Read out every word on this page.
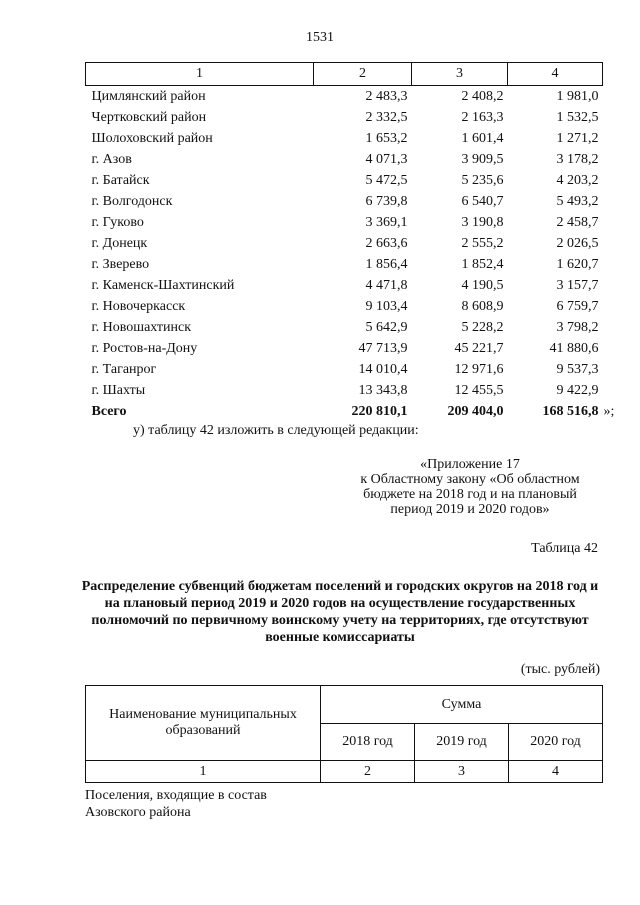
1531
1	2	3	4
Цимлянский район	2 483,3	2 408,2	1 981,0
Чертковский район	2 332,5	2 163,3	1 532,5
Шолоховский район	1 653,2	1 601,4	1 271,2
г. Азов	4 071,3	3 909,5	3 178,2
г. Батайск	5 472,5	5 235,6	4 203,2
г. Волгодонск	6 739,8	6 540,7	5 493,2
г. Гуково	3 369,1	3 190,8	2 458,7
г. Донецк	2 663,6	2 555,2	2 026,5
г. Зверево	1 856,4	1 852,4	1 620,7
г. Каменск-Шахтинский	4 471,8	4 190,5	3 157,7
г. Новочеркасск	9 103,4	8 608,9	6 759,7
г. Новошахтинск	5 642,9	5 228,2	3 798,2
г. Ростов-на-Дону	47 713,9	45 221,7	41 880,6
г. Таганрог	14 010,4	12 971,6	9 537,3
г. Шахты	13 343,8	12 455,5	9 422,9
Всего	220 810,1	209 404,0	168 516,8 »;
у) таблицу 42 изложить в следующей редакции:
«Приложение 17
к Областному закону «Об областном
бюджете на 2018 год и на плановый
период 2019 и 2020 годов»
Таблица 42
Распределение субвенций бюджетам поселений и городских округов на 2018 год и на плановый период 2019 и 2020 годов на осуществление государственных полномочий по первичному воинскому учету на территориях, где отсутствуют военные комиссариаты
(тыс. рублей)
Наименование муниципальных образований	Сумма		
	2018 год	2019 год	2020 год
1	2	3	4
Поселения, входящие в состав
Азовского района
